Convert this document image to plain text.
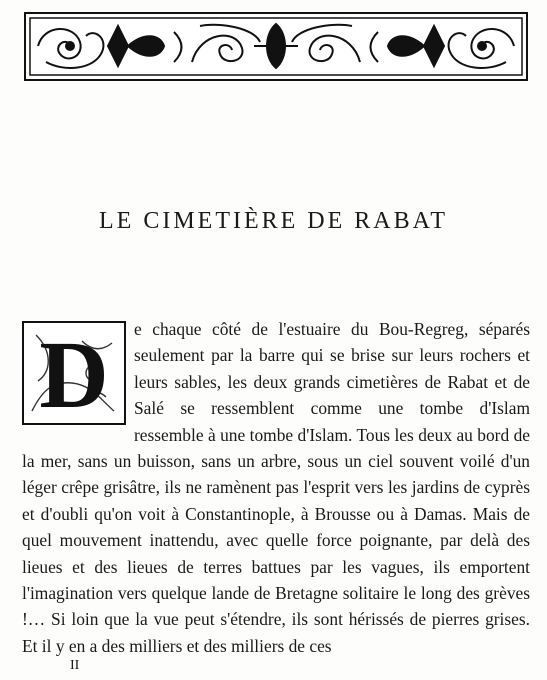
LE CIMETIÈRE DE RABAT
D	e chaque côté de l'estuaire du Bou-Regreg, séparés seulement par la barre qui se brise sur leurs rochers et leurs sables, les deux grands cimetières de Rabat et de Salé se ressemblent comme une tombe d'Islam ressemble à une tombe d'Islam. Tous les deux au bord de la mer, sans un buisson, sans un arbre, sous un ciel souvent voilé d'un léger crêpe grisâtre, ils ne ramènent pas l'esprit vers les jardins de cyprès et d'oubli qu'on voit à Constantinople, à Brousse ou à Damas. Mais de quel mouvement inattendu, avec quelle force poignante, par delà des lieues et des lieues de terres battues par les vagues, ils emportent l'imagination vers quelque lande de Bretagne solitaire le long des grèves !… Si loin que la vue peut s'étendre, ils sont hérissés de pierres grises. Et il y en a des milliers et des milliers de ces

II
